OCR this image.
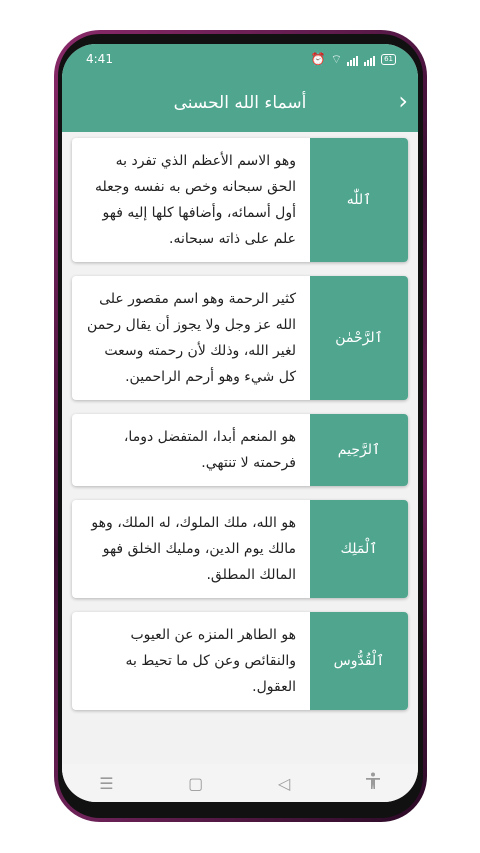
4:41	⏰ ⌔	61
أسماء الله الحسنى	›
وهو الاسم الأعظم الذي تفرد به الحق سبحانه وخص به نفسه وجعله أول أسمائه، وأضافها كلها إليه فهو علم على ذاته سبحانه.
ٱللّٰه
كثير الرحمة وهو اسم مقصور على الله عز وجل ولا يجوز أن يقال رحمن لغير الله، وذلك لأن رحمته وسعت كل شيء وهو أرحم الراحمين.
ٱلرَّحْمٰن
هو المنعم أبدا، المتفضل دوما، فرحمته لا تنتهي.
ٱلرَّحِيم
هو الله، ملك الملوك، له الملك، وهو مالك يوم الدين، ومليك الخلق فهو المالك المطلق.
ٱلْمَلِك
هو الطاهر المنزه عن العيوب والنقائص وعن كل ما تحيط به العقول.
ٱلْقُدُّوس
☰	▢	◁
